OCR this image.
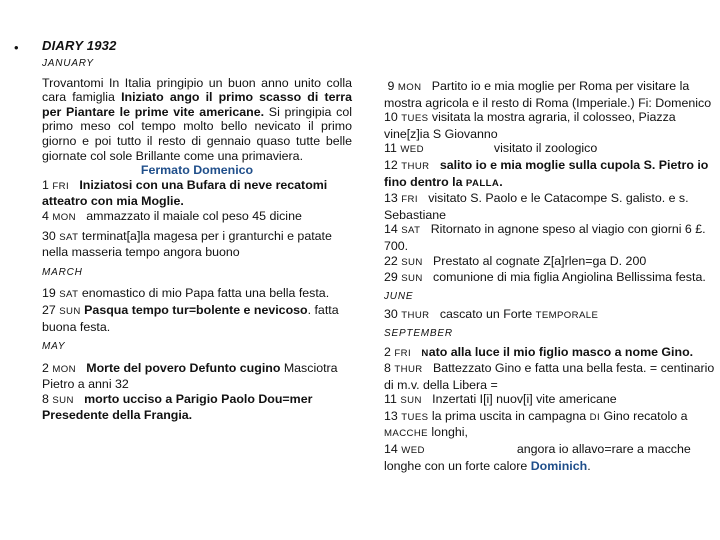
• DIARY 1932

JANUARY

Trovantomi In Italia pringipio un buon anno unito colla cara famiglia Iniziato ango il primo scasso di terra per Piantare le prime vite americane. Si pringipia col primo meso col tempo molto bello nevicato il primo giorno e poi tutto il resto di gennaio quaso tutte belle giornate col sole Brillante come una primaviera.

Fermato Domenico

1 FRI Iniziatosi con una Bufara di neve recatomi atteatro con mia Moglie.

4 MON ammazzato il maiale col peso 45 dicine

30 SAT terminat[a]la magesa per i granturchi e patate nella masseria tempo angora buono

MARCH

19 SAT enomastico di mio Papa fatta una bella festa.

27 SUN Pasqua tempo tur=bolente e nevicoso. fatta buona festa.

MAY

2 MON Morte del povero Defunto cugino Masciotra Pietro a anni 32

8 SUN morto ucciso a Parigio Paolo Dou=mer Presedente della Frangia.

9 MON Partito io e mia moglie per Roma per visitare la mostra agricola e il resto di Roma (Imperiale.) Fi: Domenico

10 TUES visitata la mostra agraria, il colosseo, Piazza vine[z]ia S Giovanno

11 WED	visitato il zoologico

12 THUR salito io e mia moglie sulla cupola S. Pietro io fino dentro la PALLA.

13 FRI visitato S. Paolo e le Catacompe S. galisto. e s. Sebastiane

14 SAT Ritornato in agnone speso al viagio con giorni 6 £. 700.

22 SUN Prestato al cognate Z[a]rlen=ga D. 200

29 SUN comunione di mia figlia Angiolina Bellissima festa.

JUNE

30 THUR cascato un Forte TEMPORALE

SEPTEMBER

2 FRI Nato alla luce il mio figlio masco a nome Gino.

8 THUR Battezzato Gino e fatta una bella festa. = centinario di m.v. della Libera =

11 SUN Inzertati I[i] nuov[i] vite americane

13 TUES la prima uscita in campagna DI Gino recatolo a MACCHE longhi,

14 WED	angora io allavo=rare a macche longhe con un forte calore Dominich.
